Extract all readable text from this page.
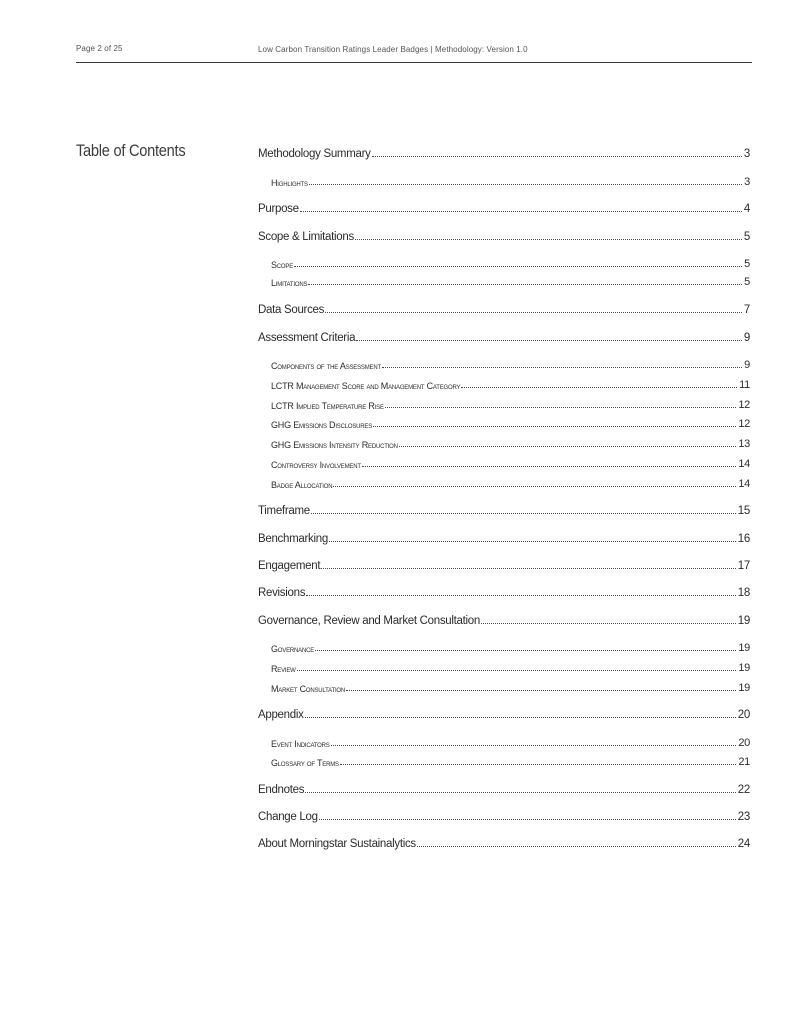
Page 2 of 25	Low Carbon Transition Ratings Leader Badges | Methodology: Version 1.0
Table of Contents	Methodology Summary	3
Highlights	3
Purpose	4
Scope & Limitations	5
Scope	5
Limitations	5
Data Sources	7
Assessment Criteria	9
Components of the Assessment	9
LCTR Management Score and Management Category	11
LCTR Implied Temperature Rise	12
GHG Emissions Disclosures	12
GHG Emissions Intensity Reduction	13
Controversy Involvement	14
Badge Allocation	14
Timeframe	15
Benchmarking	16
Engagement	17
Revisions	18
Governance, Review and Market Consultation	19
Governance	19
Review	19
Market Consultation	19
Appendix	20
Event Indicators	20
Glossary of Terms	21
Endnotes	22
Change Log	23
About Morningstar Sustainalytics	24
